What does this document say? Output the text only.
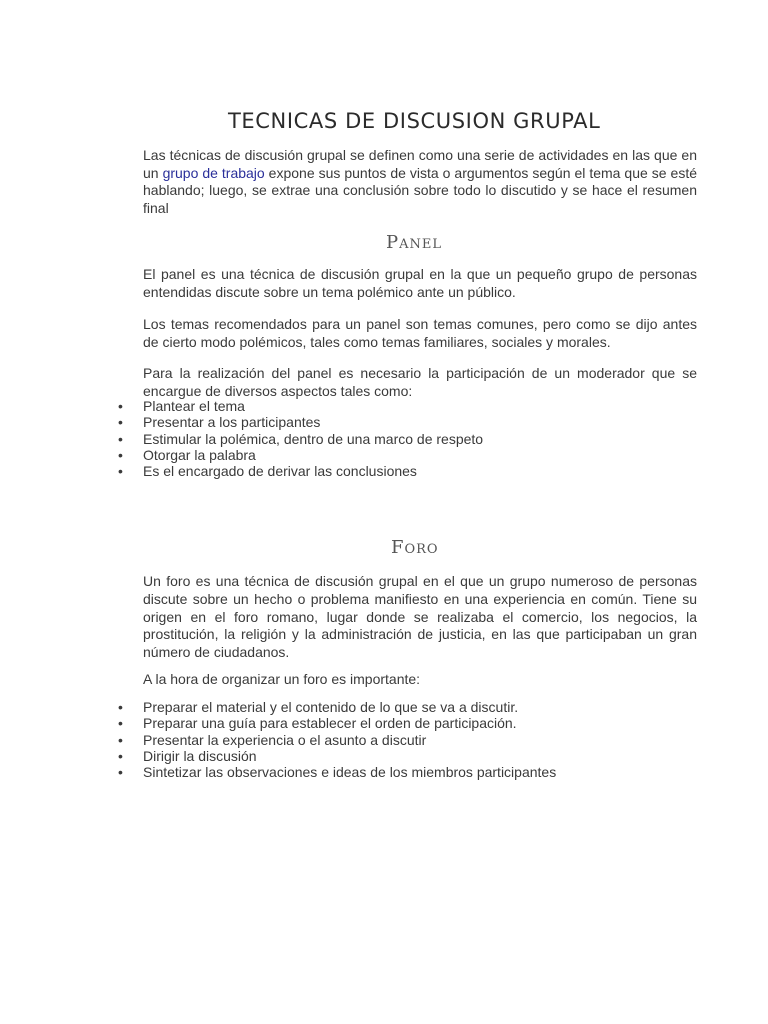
TECNICAS DE DISCUSION GRUPAL

Las técnicas de discusión grupal se definen como una serie de actividades en las que en un grupo de trabajo expone sus puntos de vista o argumentos según el tema que se esté hablando; luego, se extrae una conclusión sobre todo lo discutido y se hace el resumen final

Panel

El panel es una técnica de discusión grupal en la que un pequeño grupo de personas entendidas discute sobre un tema polémico ante un público.

Los temas recomendados para un panel son temas comunes, pero como se dijo antes de cierto modo polémicos, tales como temas familiares, sociales y morales.

Para la realización del panel es necesario la participación de un moderador que se encargue de diversos aspectos tales como:

• Plantear el tema
• Presentar a los participantes
• Estimular la polémica, dentro de una marco de respeto
• Otorgar la palabra
• Es el encargado de derivar las conclusiones
Foro

Un foro es una técnica de discusión grupal en el que un grupo numeroso de personas discute sobre un hecho o problema manifiesto en una experiencia en común. Tiene su origen en el foro romano, lugar donde se realizaba el comercio, los negocios, la prostitución, la religión y la administración de justicia, en las que participaban un gran número de ciudadanos.

A la hora de organizar un foro es importante:

• Preparar el material y el contenido de lo que se va a discutir.
• Preparar una guía para establecer el orden de participación.
• Presentar la experiencia o el asunto a discutir
• Dirigir la discusión
• Sintetizar las observaciones e ideas de los miembros participantes
